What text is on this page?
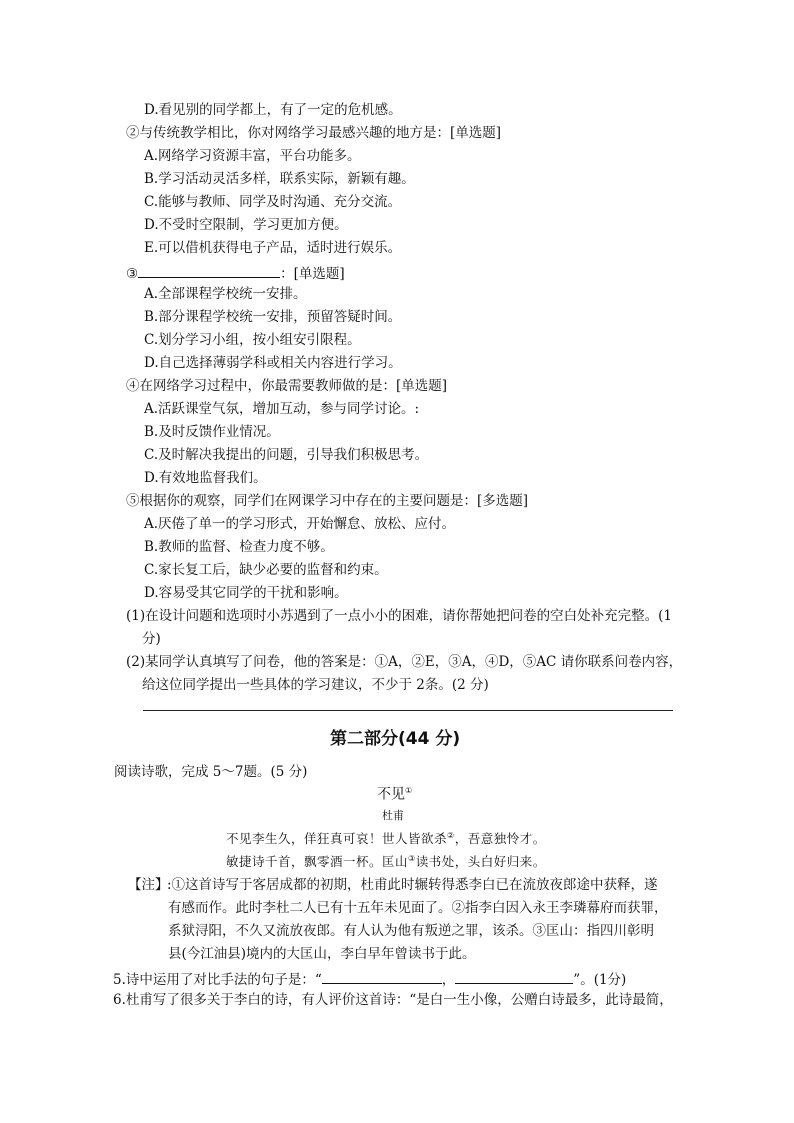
D.看见别的同学都上，有了一定的危机感。
②与传统教学相比，你对网络学习最感兴趣的地方是：[单选题]
A.网络学习资源丰富，平台功能多。
B.学习活动灵活多样，联系实际，新颖有趣。
C.能够与教师、同学及时沟通、充分交流。
D.不受时空限制，学习更加方便。
E.可以借机获得电子产品，适时进行娱乐。
③	：[单选题]
A.全部课程学校统一安排。
B.部分课程学校统一安排，预留答疑时间。
C.划分学习小组，按小组安引限程。
D.自己选择薄弱学科或相关内容进行学习。
④在网络学习过程中，你最需要教师做的是：[单选题]
A.活跃课堂气氛，增加互动，参与同学讨论。:
B.及时反馈作业情况。
C.及时解决我提出的问题，引导我们积极思考。
D.有效地监督我们。
⑤根据你的观察，同学们在网课学习中存在的主要问题是：[多选题]
A.厌倦了单一的学习形式，开始懈怠、放松、应付。
B.教师的监督、检查力度不够。
C.家长复工后，缺少必要的监督和约束。
D.容易受其它同学的干扰和影响。
(1)在设计问题和选项时小苏遇到了一点小小的困难，请你帮她把问卷的空白处补充完整。(1
分)
(2)某同学认真填写了问卷，他的答案是：①A，②E，③A，④D，⑤AC 请你联系问卷内容，
给这位同学提出一些具体的学习建议，不少于 2条。(2 分)
第二部分(44 分)
阅读诗歌，完成 5～7题。(5 分)
不见①
杜甫
不见李生久，佯狂真可哀！世人皆欲杀②，吾意独怜才。
敏捷诗千首，飘零酒一杯。匡山③读书处，头白好归来。
【注】
:①这首诗写于客居成都的初期，杜甫此时辗转得悉李白已在流放夜郎途中获释，遂
有感而作。此时李杜二人已有十五年未见面了。②指李白因入永王李璘幕府而获罪，
系狱浔阳，不久又流放夜郎。有人认为他有叛逆之罪，该杀。③匡山：指四川彰明
县(今江油县)境内的大匡山，李白早年曾读书于此。
5.诗中运用了对比手法的句子是：“	，	”。(1分)
6.杜甫写了很多关于李白的诗，有人评价这首诗：“是白一生小像，公赠白诗最多，此诗最简，
